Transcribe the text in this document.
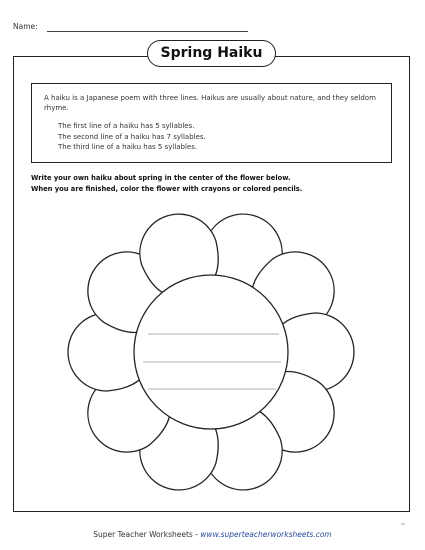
Name:
Spring Haiku

A haiku is a Japanese poem with three lines. Haikus are usually about nature, and they seldom rhyme.

The first line of a haiku has 5 syllables.
The second line of a haiku has 7 syllables.
The third line of a haiku has 5 syllables.
Write your own haiku about spring in the center of the flower below.
When you are finished, color the flower with crayons or colored pencils.
Super Teacher Worksheets - www.superteacherworksheets.com
SK
